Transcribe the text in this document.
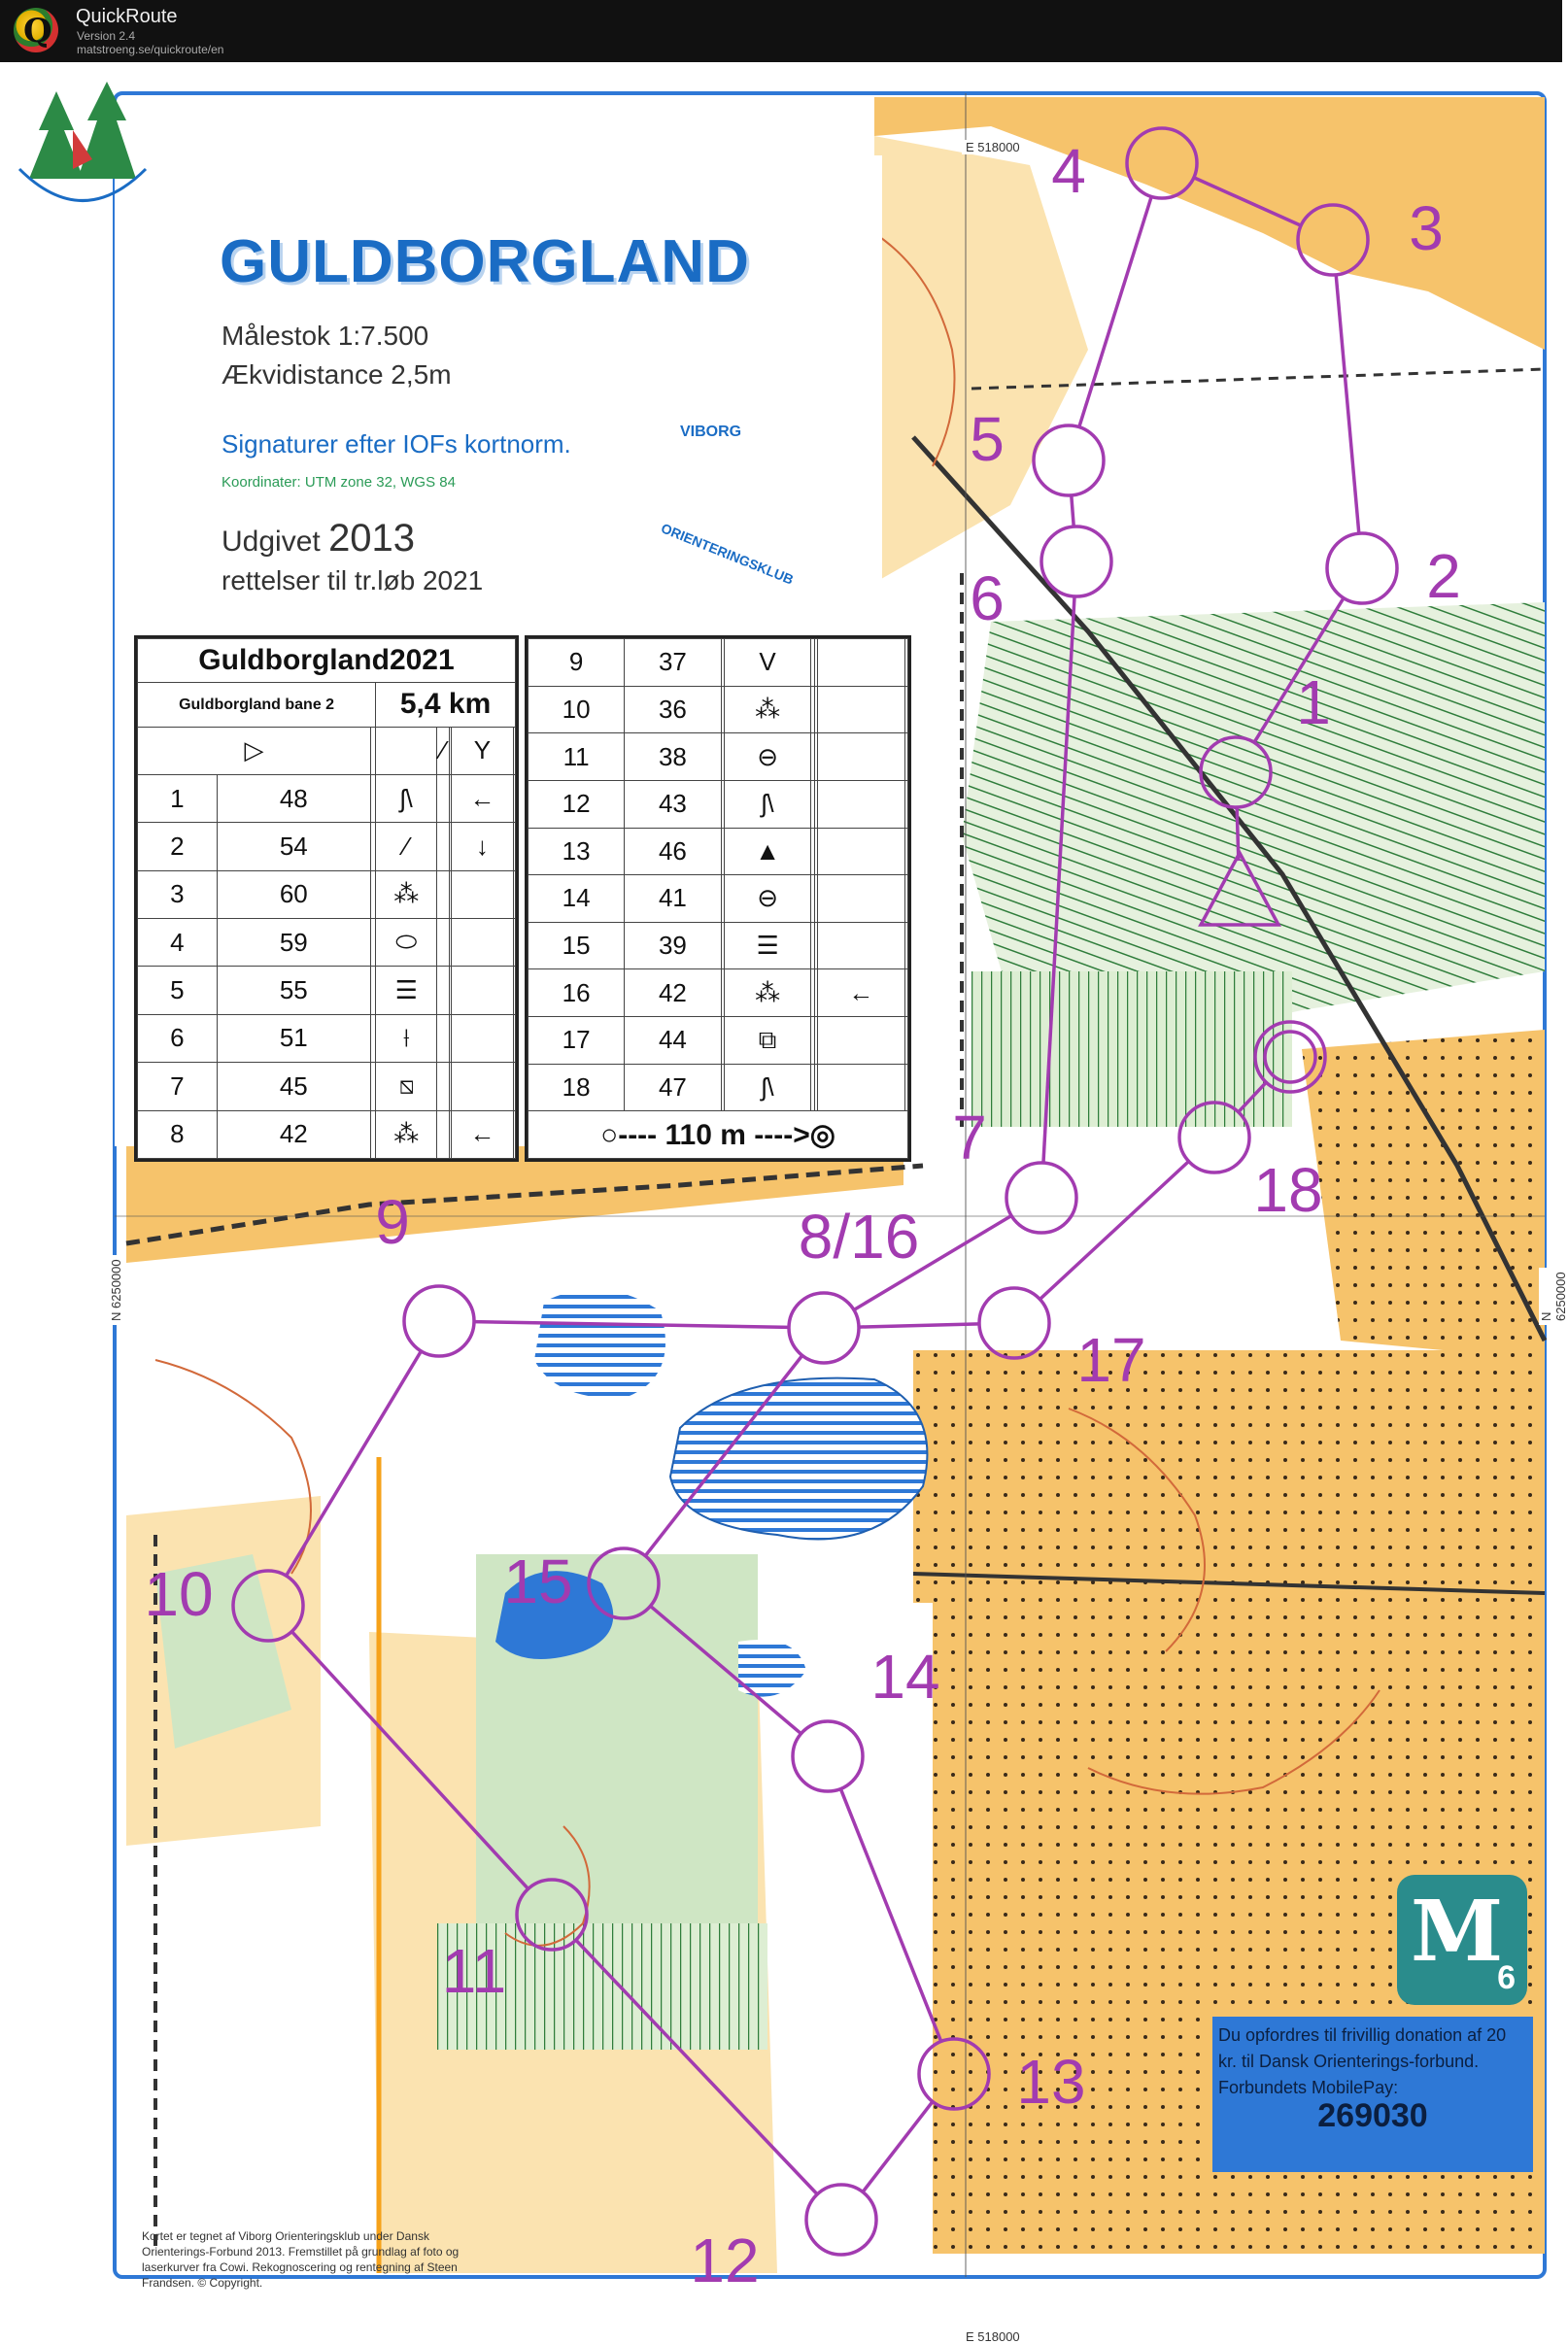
Q QuickRoute
Version 2.4
matstroeng.se/quickroute/en
1
2
3
4
5
6
7
8/16
9
10
11
12
13
14
15
17
18
GULDBORGLAND
Målestok 1:7.500
Ækvidistance 2,5m
Signaturer efter IOFs kortnorm.
Koordinater: UTM zone 32, WGS 84
Udgivet 2013
rettelser til tr.løb 2021
VIBORG
ORIENTERINGSKLUB
Guldborgland2021							
Guldborgland bane 2			5,4 km				
▷				⁄		Y	
1	48		ʃ\			←	
2	54		⁄			↓	
3	60		⁂				
4	59		⬭				
5	55		☰				
6	51		⟊				
7	45		⧅				
8	42		⁂			←	
9	37		V				
10	36		⁂				
11	38		⊖				
12	43		ʃ\				
13	46		▲				
14	41		⊖				
15	39		☰				
16	42		⁂			←	
17	44		⧉				
18	47		ʃ\				
○---- 110 m ---->◎							
E 518000
E 518000
N 6250000	N 6250000
M
6
Du opfordres til frivillig donation af 20 kr. til Dansk Orienterings-forbund. Forbundets MobilePay:
269030
Kortet er tegnet af Viborg Orienteringsklub under Dansk Orienterings-Forbund 2013. Fremstillet på grundlag af foto og laserkurver fra Cowi. Rekognoscering og rentegning af Steen Frandsen. © Copyright.
